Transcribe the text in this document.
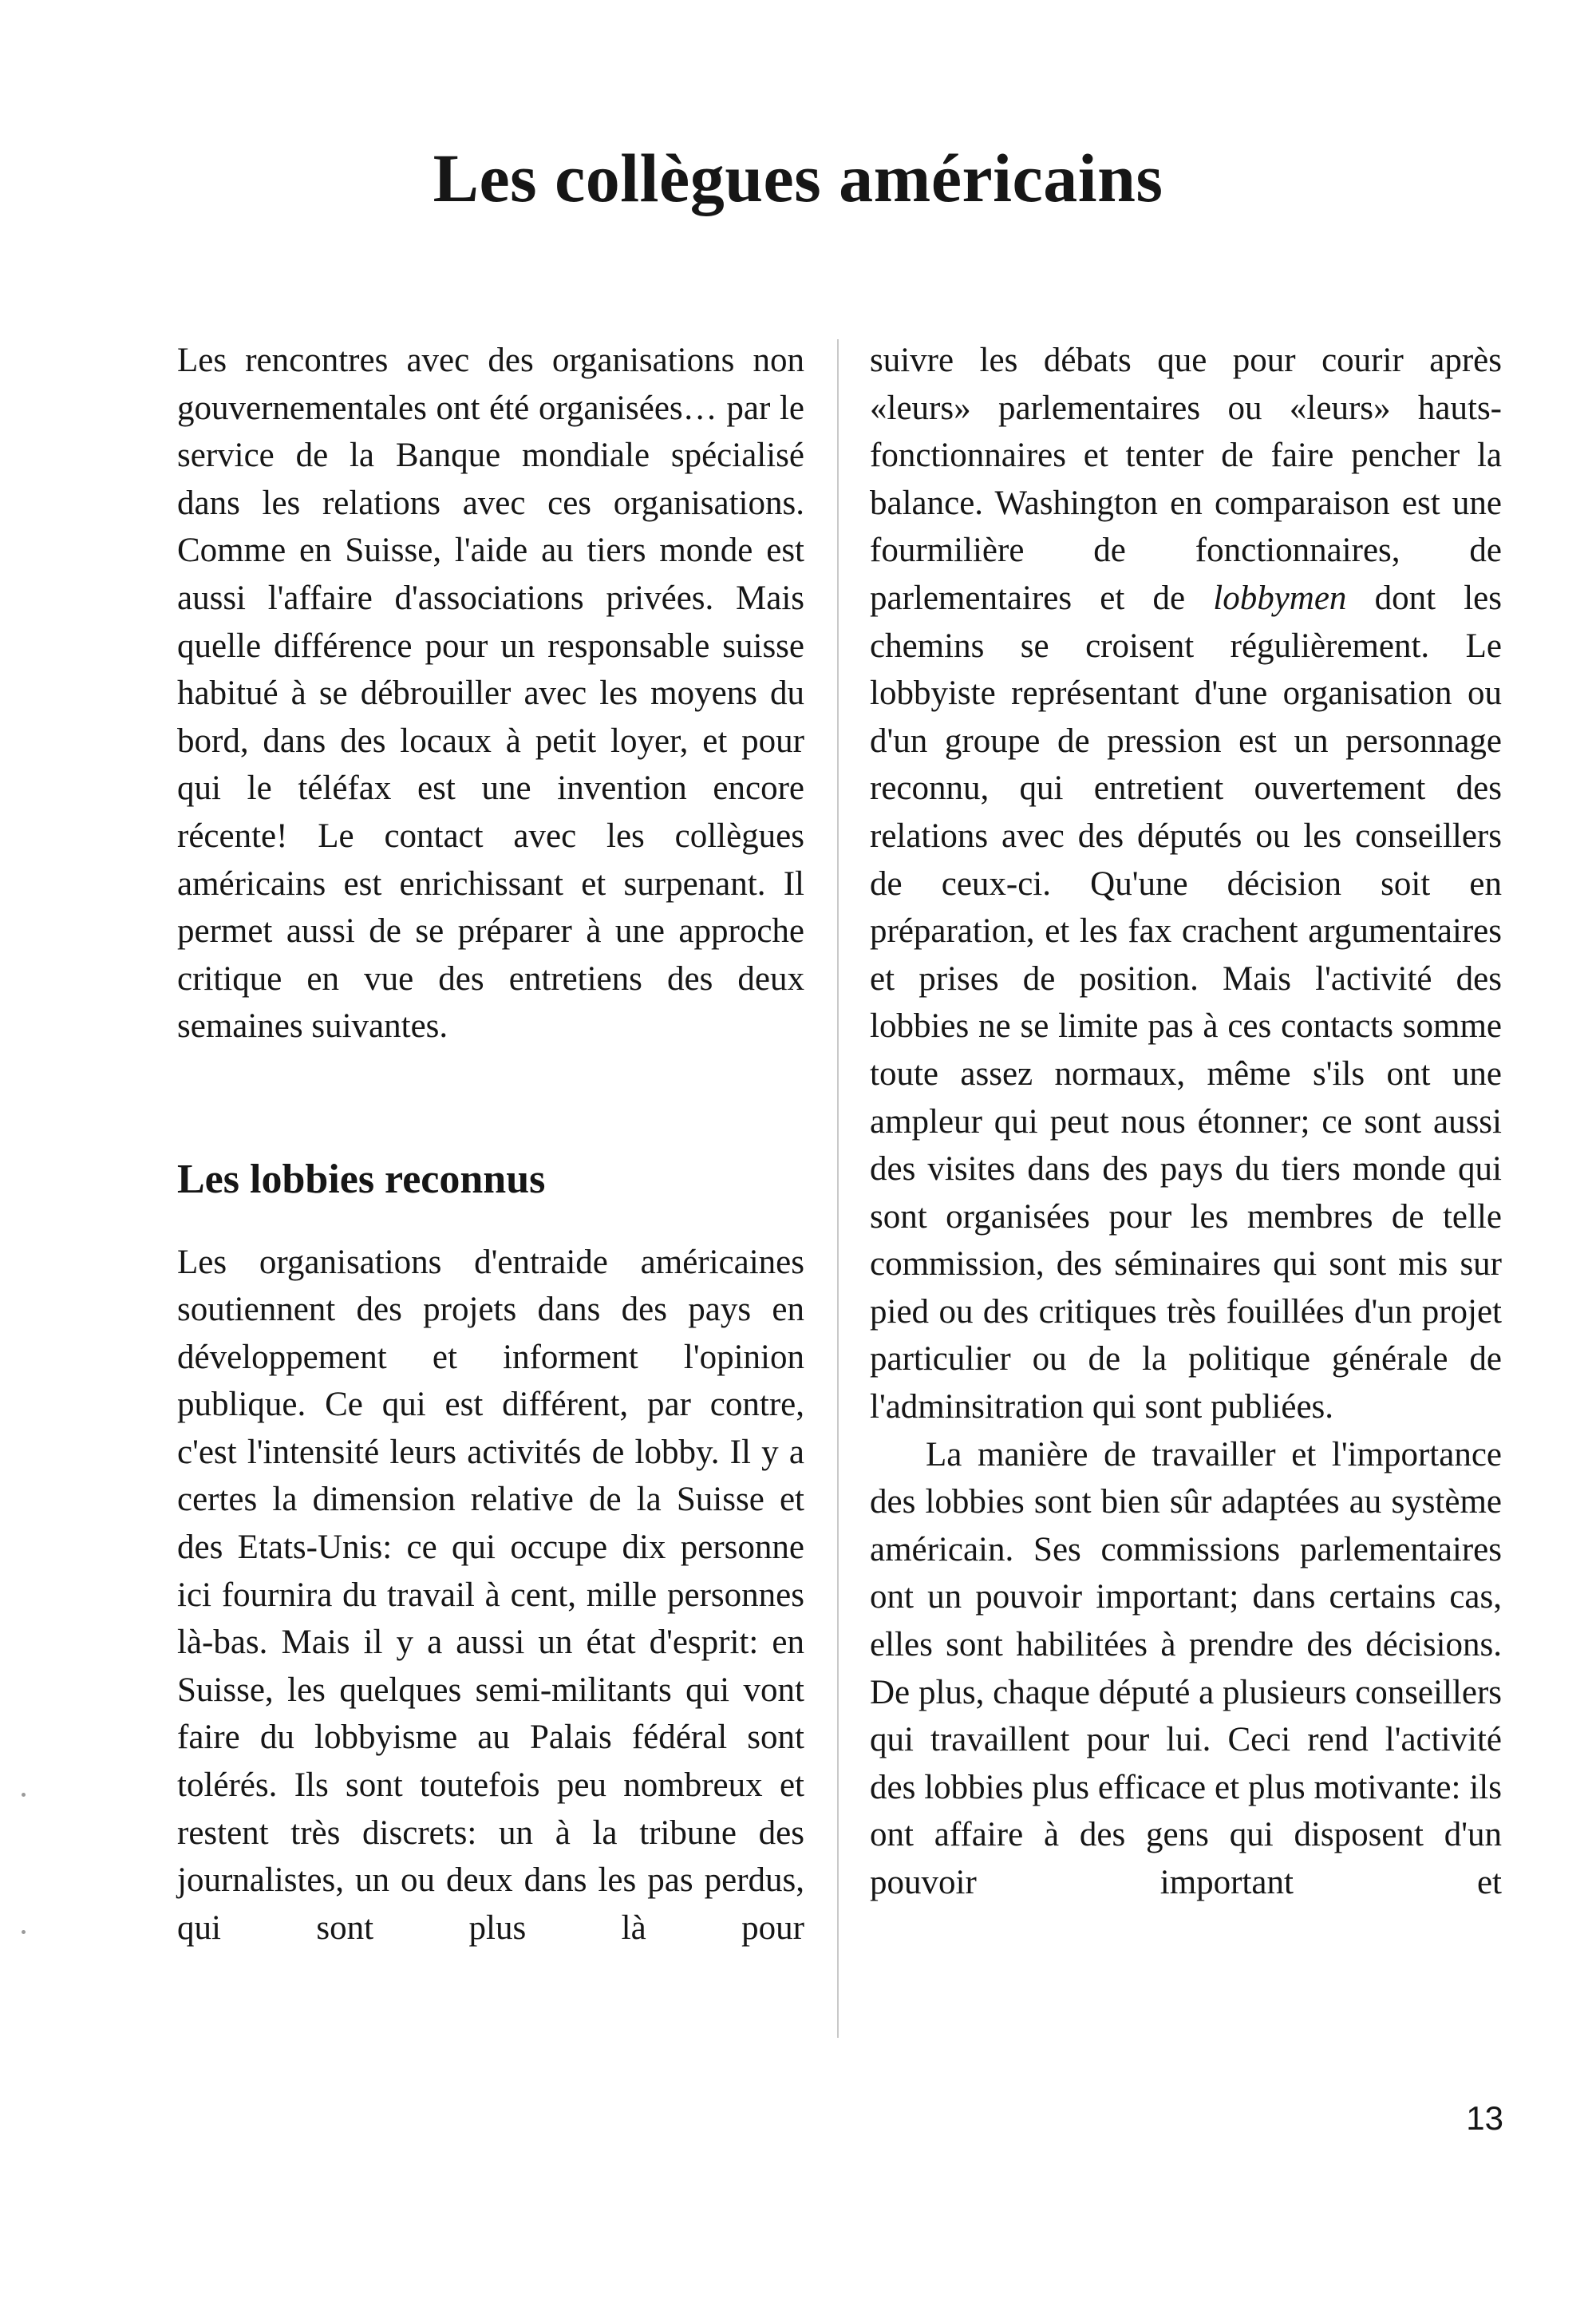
Les collègues américains

Les rencontres avec des organisations non gouvernementales ont été organisées… par le service de la Banque mondiale spécialisé dans les relations avec ces organisations. Comme en Suisse, l'aide au tiers monde est aussi l'affaire d'associations privées. Mais quelle différence pour un responsable suisse habitué à se débrouiller avec les moyens du bord, dans des locaux à petit loyer, et pour qui le téléfax est une invention encore récente! Le contact avec les collègues américains est enrichissant et surpenant. Il permet aussi de se préparer à une approche critique en vue des entretiens des deux semaines suivantes.

Les lobbies reconnus

Les organisations d'entraide américaines soutiennent des projets dans des pays en développement et informent l'opinion publique. Ce qui est différent, par contre, c'est l'intensité leurs activités de lobby. Il y a certes la dimension relative de la Suisse et des Etats-Unis: ce qui occupe dix personne ici fournira du travail à cent, mille personnes là-bas. Mais il y a aussi un état d'esprit: en Suisse, les quelques semi-militants qui vont faire du lobbyisme au Palais fédéral sont tolérés. Ils sont toutefois peu nombreux et restent très discrets: un à la tribune des journalistes, un ou deux dans les pas perdus, qui sont plus là pour

suivre les débats que pour courir après «leurs» parlementaires ou «leurs» hauts-fonctionnaires et tenter de faire pencher la balance. Washington en comparaison est une fourmilière de fonctionnaires, de parlementaires et de lobbymen dont les chemins se croisent régulièrement. Le lobbyiste représentant d'une organisation ou d'un groupe de pression est un personnage reconnu, qui entretient ouvertement des relations avec des députés ou les conseillers de ceux-ci. Qu'une décision soit en préparation, et les fax crachent argumentaires et prises de position. Mais l'activité des lobbies ne se limite pas à ces contacts somme toute assez normaux, même s'ils ont une ampleur qui peut nous étonner; ce sont aussi des visites dans des pays du tiers monde qui sont organisées pour les membres de telle commission, des séminaires qui sont mis sur pied ou des critiques très fouillées d'un projet particulier ou de la politique générale de l'adminsitration qui sont publiées.

La manière de travailler et l'importance des lobbies sont bien sûr adaptées au système américain. Ses commissions parlementaires ont un pouvoir important; dans certains cas, elles sont habilitées à prendre des décisions. De plus, chaque député a plusieurs conseillers qui travaillent pour lui. Ceci rend l'activité des lobbies plus efficace et plus motivante: ils ont affaire à des gens qui disposent d'un pouvoir important et

13
